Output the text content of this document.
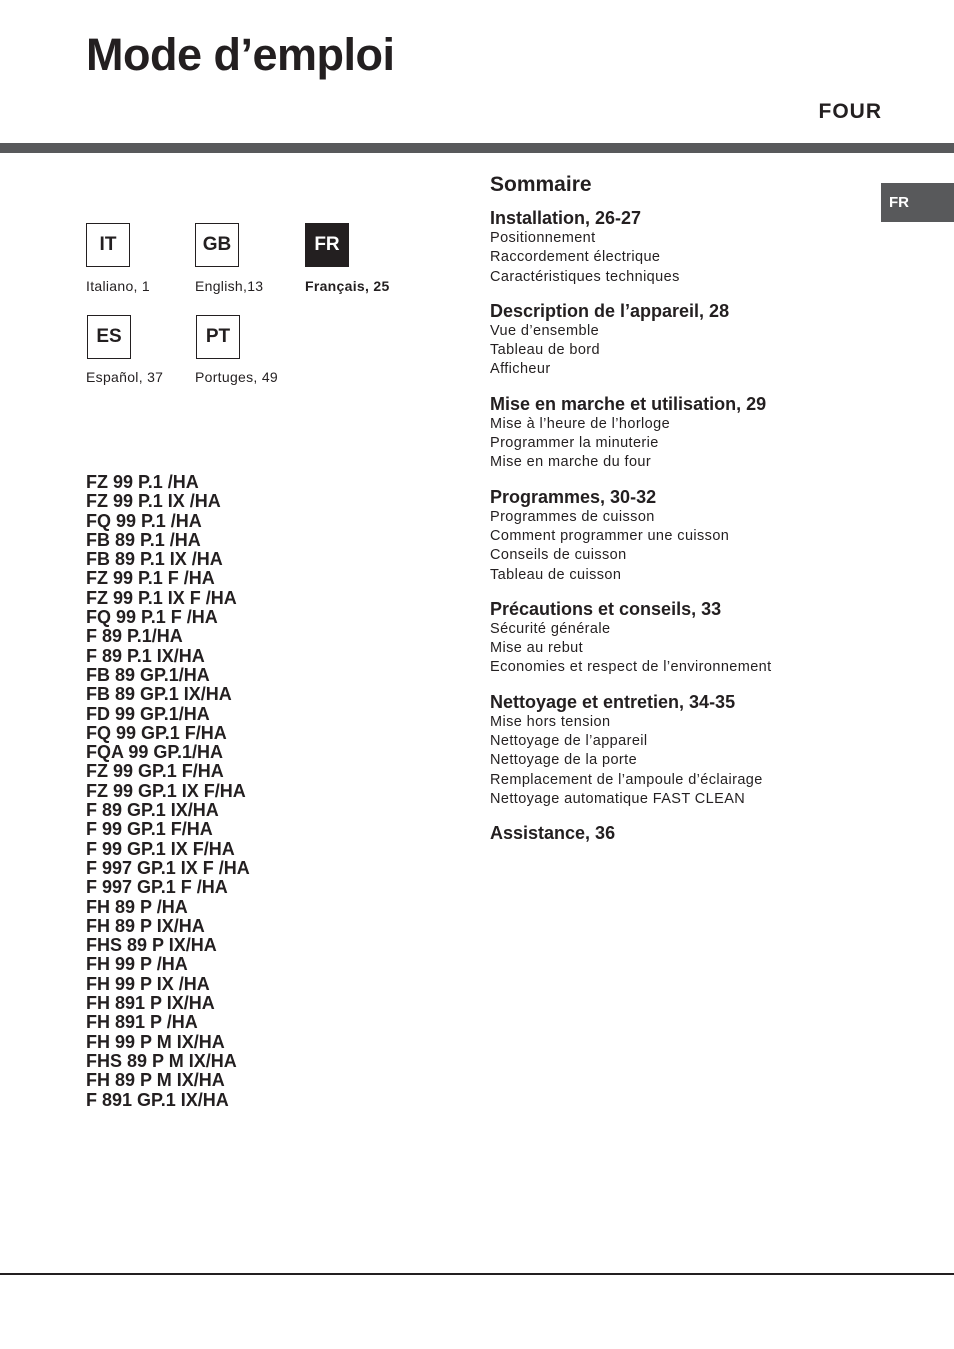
Mode d’emploi
FOUR
FR
IT
Italiano, 1
GB
English,13
FR
Français, 25
ES
Español, 37
PT
Portuges, 49
FZ 99 P.1 /HA
FZ 99 P.1 IX /HA
FQ 99 P.1 /HA
FB 89 P.1 /HA
FB 89 P.1 IX /HA
FZ 99 P.1 F /HA
FZ 99 P.1 IX F /HA
FQ 99 P.1 F /HA
F 89 P.1/HA
F 89 P.1 IX/HA
FB 89 GP.1/HA
FB 89 GP.1 IX/HA
FD 99 GP.1/HA
FQ 99 GP.1 F/HA
FQA 99 GP.1/HA
FZ 99 GP.1 F/HA
FZ 99 GP.1 IX F/HA
F 89 GP.1 IX/HA
F 99 GP.1 F/HA
F 99 GP.1 IX F/HA
F 997 GP.1 IX F /HA
F 997 GP.1 F /HA
FH 89 P /HA
FH 89 P IX/HA
FHS 89 P IX/HA
FH 99 P /HA
FH 99 P IX /HA
FH 891 P IX/HA
FH 891 P /HA
FH 99 P M IX/HA
FHS 89 P M IX/HA
FH 89 P M IX/HA
F 891 GP.1 IX/HA
Sommaire
Installation, 26-27
Positionnement
Raccordement électrique
Caractéristiques techniques
Description de l’appareil, 28
Vue d’ensemble
Tableau de bord
Afficheur
Mise en marche et utilisation, 29
Mise à l’heure de l’horloge
Programmer la minuterie
Mise en marche du four
Programmes, 30-32
Programmes de cuisson
Comment programmer une cuisson
Conseils de cuisson
Tableau de cuisson
Précautions et conseils, 33
Sécurité générale
Mise au rebut
Economies et respect de l’environnement
Nettoyage et entretien, 34-35
Mise hors tension
Nettoyage de l’appareil
Nettoyage de la porte
Remplacement de l’ampoule d’éclairage
Nettoyage automatique FAST CLEAN
Assistance, 36
